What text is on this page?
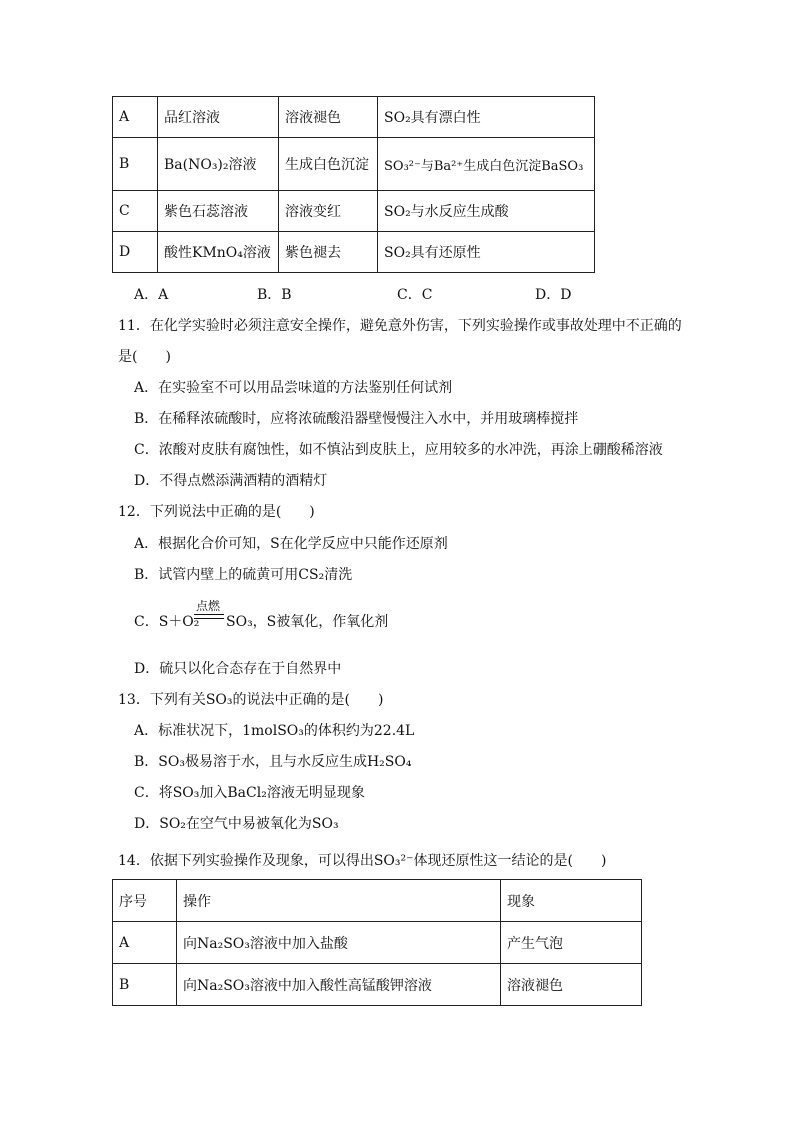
A	品红溶液	溶液褪色	SO₂具有漂白性
B	Ba(NO₃)₂溶液	生成白色沉淀	SO₃²⁻与Ba²⁺生成白色沉淀BaSO₃
C	紫色石蕊溶液	溶液变红	SO₂与水反应生成酸
D	酸性KMnO₄溶液	紫色褪去	SO₂具有还原性
A．A	B．B	C．C	D．D
11．在化学实验时必须注意安全操作，避免意外伤害，下列实验操作或事故处理中不正确的
是(　　)
A．在实验室不可以用品尝味道的方法鉴别任何试剂
B．在稀释浓硫酸时，应将浓硫酸沿器壁慢慢注入水中，并用玻璃棒搅拌
C．浓酸对皮肤有腐蚀性，如不慎沾到皮肤上，应用较多的水冲洗，再涂上硼酸稀溶液
D．不得点燃添满酒精的酒精灯
12．下列说法中正确的是(　　)
A．根据化合价可知，S在化学反应中只能作还原剂
B．试管内壁上的硫黄可用CS₂清洗
C．S＋O₂
点燃
SO₃，S被氧化，作氧化剂
D．硫只以化合态存在于自然界中
13．下列有关SO₃的说法中正确的是(　　)
A．标准状况下，1molSO₃的体积约为22.4L
B．SO₃极易溶于水，且与水反应生成H₂SO₄
C．将SO₃加入BaCl₂溶液无明显现象
D．SO₂在空气中易被氧化为SO₃
14．依据下列实验操作及现象，可以得出SO₃²⁻体现还原性这一结论的是(　　)
序号	操作	现象
A	向Na₂SO₃溶液中加入盐酸	产生气泡
B	向Na₂SO₃溶液中加入酸性高锰酸钾溶液	溶液褪色
